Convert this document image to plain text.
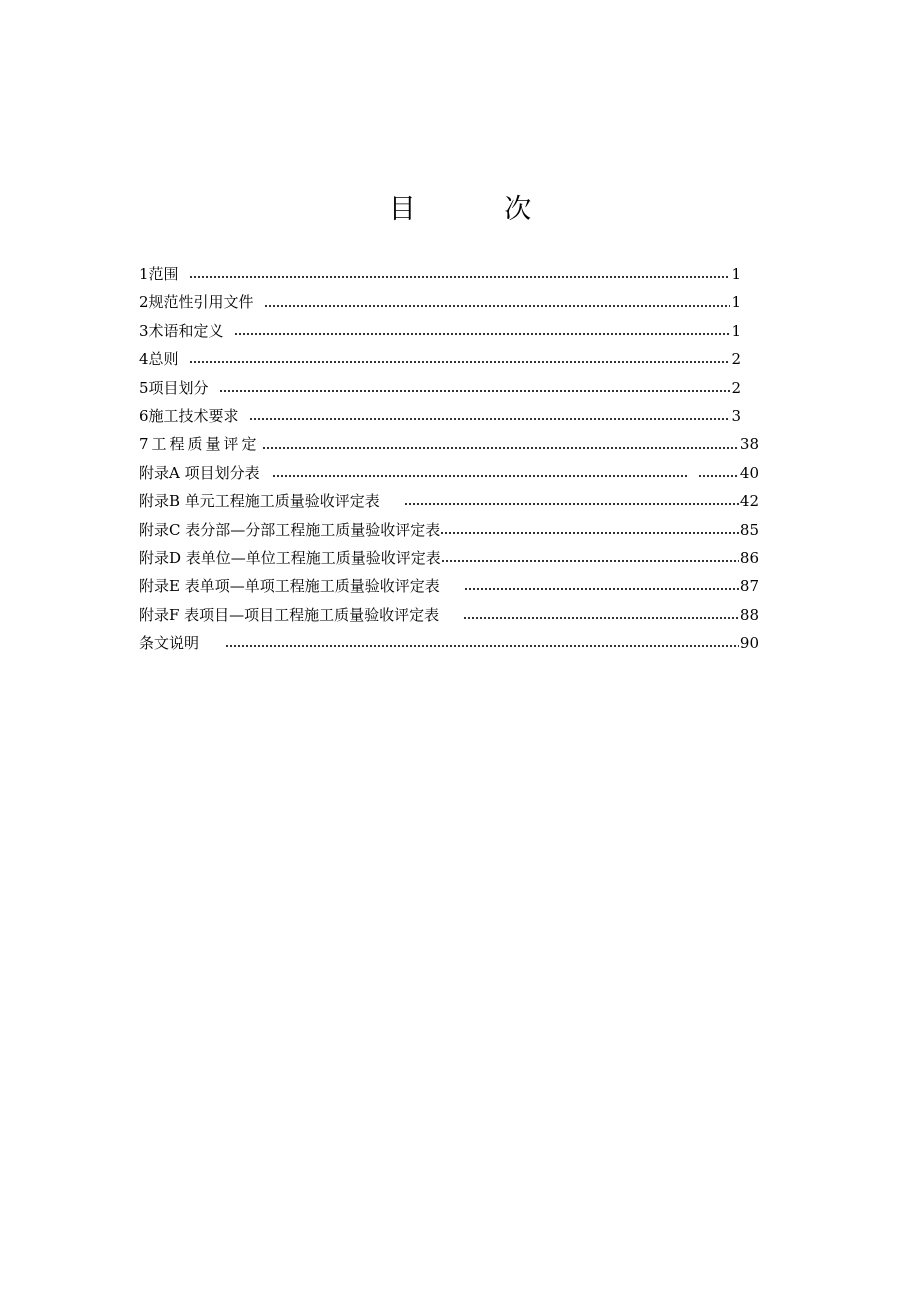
目 次
1范围	1
2规范性引用文件	1
3术语和定义	1
4总则	2
5项目划分	2
6施工技术要求	3
7工程质量评定	38
附录A 项目划分表	40
附录B 单元工程施工质量验收评定表	42
附录C 表分部—分部工程施工质量验收评定表	85
附录D 表单位—单位工程施工质量验收评定表	86
附录E 表单项—单项工程施工质量验收评定表	87
附录F 表项目—项目工程施工质量验收评定表	88
条文说明	90
